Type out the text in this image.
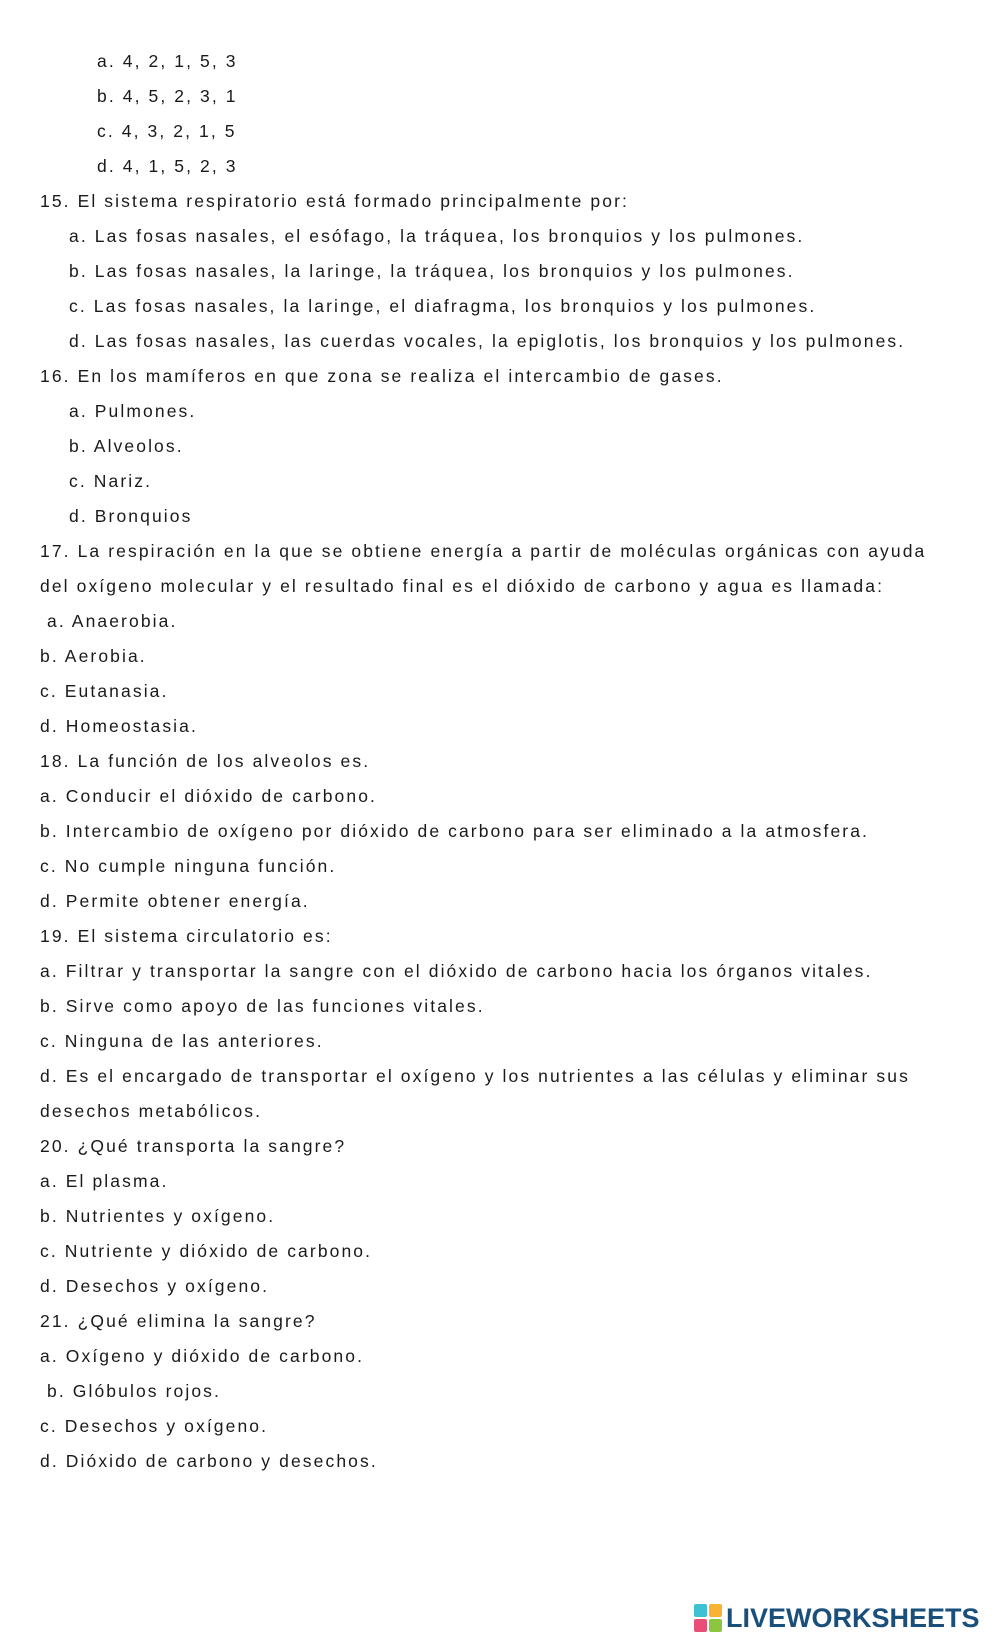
a. 4, 2, 1, 5, 3
b. 4, 5, 2, 3, 1
c. 4, 3, 2, 1, 5
d. 4, 1, 5, 2, 3
15. El sistema respiratorio está formado principalmente por:
a. Las fosas nasales, el esófago, la tráquea, los bronquios y los pulmones.
b. Las fosas nasales, la laringe, la tráquea, los bronquios y los pulmones.
c. Las fosas nasales, la laringe, el diafragma, los bronquios y los pulmones.
d. Las fosas nasales, las cuerdas vocales, la epiglotis, los bronquios y los pulmones.
16. En los mamíferos en que zona se realiza el intercambio de gases.
a. Pulmones.
b. Alveolos.
c. Nariz.
d. Bronquios
17. La respiración en la que se obtiene energía a partir de moléculas orgánicas con ayuda
del oxígeno molecular y el resultado final es el dióxido de carbono y agua es llamada:
a. Anaerobia.
b. Aerobia.
c. Eutanasia.
d. Homeostasia.
18. La función de los alveolos es.
a. Conducir el dióxido de carbono.
b. Intercambio de oxígeno por dióxido de carbono para ser eliminado a la atmosfera.
c. No cumple ninguna función.
d. Permite obtener energía.
19. El sistema circulatorio es:
a. Filtrar y transportar la sangre con el dióxido de carbono hacia los órganos vitales.
b. Sirve como apoyo de las funciones vitales.
c. Ninguna de las anteriores.
d. Es el encargado de transportar el oxígeno y los nutrientes a las células y eliminar sus
desechos metabólicos.
20. ¿Qué transporta la sangre?
a. El plasma.
b. Nutrientes y oxígeno.
c. Nutriente y dióxido de carbono.
d. Desechos y oxígeno.
21. ¿Qué elimina la sangre?
a. Oxígeno y dióxido de carbono.
b. Glóbulos rojos.
c. Desechos y oxígeno.
d. Dióxido de carbono y desechos.
LIVEWORKSHEETS
